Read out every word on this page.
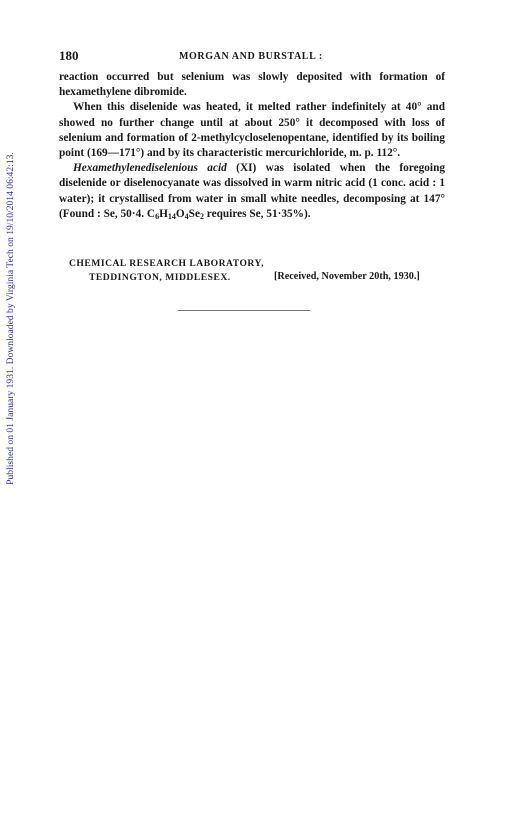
Published on 01 January 1931. Downloaded by Virginia Tech on 19/10/2014 06:42:13.
180	MORGAN AND BURSTALL :

reaction occurred but selenium was slowly deposited with formation of hexamethylene dibromide.

When this diselenide was heated, it melted rather indefinitely at 40° and showed no further change until at about 250° it decomposed with loss of selenium and formation of 2-methylcycloselenopentane, identified by its boiling point (169—171°) and by its characteristic mercurichloride, m. p. 112°.

Hexamethylenediselenious acid (XI) was isolated when the foregoing diselenide or diselenocyanate was dissolved in warm nitric acid (1 conc. acid : 1 water); it crystallised from water in small white needles, decomposing at 147° (Found : Se, 50·4. $C_6H_{14}O_4Se_2$ requires Se, 51·35%).

CHEMICAL RESEARCH LABORATORY,
TEDDINGTON, MIDDLESEX.	[Received, November 20th, 1930.]
